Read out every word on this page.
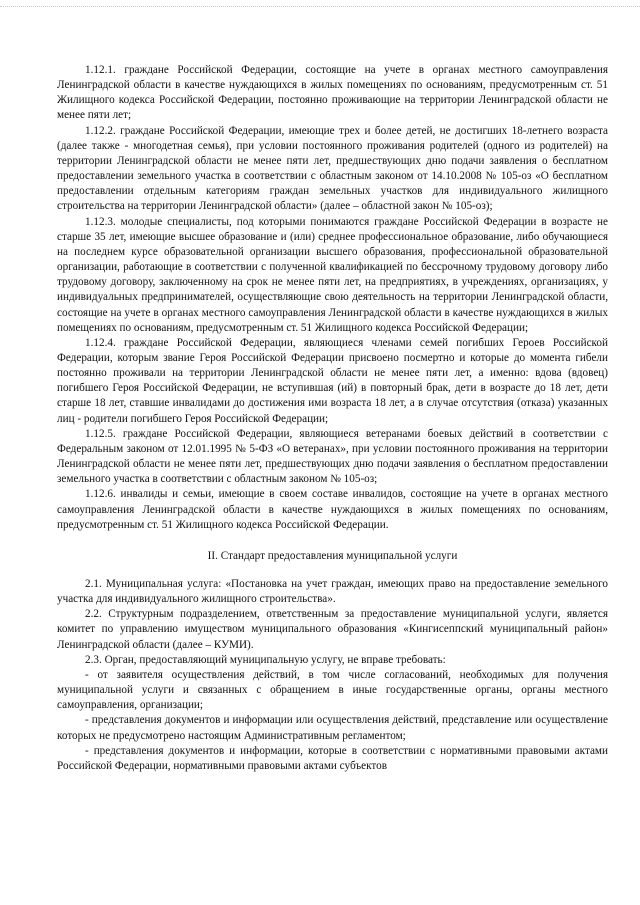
1.12.1. граждане Российской Федерации, состоящие на учете в органах местного самоуправления Ленинградской области в качестве нуждающихся в жилых помещениях по основаниям, предусмотренным ст. 51 Жилищного кодекса Российской Федерации, постоянно проживающие на территории Ленинградской области не менее пяти лет;

1.12.2. граждане Российской Федерации, имеющие трех и более детей, не достигших 18-летнего возраста (далее также - многодетная семья), при условии постоянного проживания родителей (одного из родителей) на территории Ленинградской области не менее пяти лет, предшествующих дню подачи заявления о бесплатном предоставлении земельного участка в соответствии с областным законом от 14.10.2008 № 105-оз «О бесплатном предоставлении отдельным категориям граждан земельных участков для индивидуального жилищного строительства на территории Ленинградской области» (далее – областной закон № 105-оз);

1.12.3. молодые специалисты, под которыми понимаются граждане Российской Федерации в возрасте не старше 35 лет, имеющие высшее образование и (или) среднее профессиональное образование, либо обучающиеся на последнем курсе образовательной организации высшего образования, профессиональной образовательной организации, работающие в соответствии с полученной квалификацией по бессрочному трудовому договору либо трудовому договору, заключенному на срок не менее пяти лет, на предприятиях, в учреждениях, организациях, у индивидуальных предпринимателей, осуществляющие свою деятельность на территории Ленинградской области, состоящие на учете в органах местного самоуправления Ленинградской области в качестве нуждающихся в жилых помещениях по основаниям, предусмотренным ст. 51 Жилищного кодекса Российской Федерации;

1.12.4. граждане Российской Федерации, являющиеся членами семей погибших Героев Российской Федерации, которым звание Героя Российской Федерации присвоено посмертно и которые до момента гибели постоянно проживали на территории Ленинградской области не менее пяти лет, а именно: вдова (вдовец) погибшего Героя Российской Федерации, не вступившая (ий) в повторный брак, дети в возрасте до 18 лет, дети старше 18 лет, ставшие инвалидами до достижения ими возраста 18 лет, а в случае отсутствия (отказа) указанных лиц - родители погибшего Героя Российской Федерации;

1.12.5. граждане Российской Федерации, являющиеся ветеранами боевых действий в соответствии с Федеральным законом от 12.01.1995 № 5-ФЗ «О ветеранах», при условии постоянного проживания на территории Ленинградской области не менее пяти лет, предшествующих дню подачи заявления о бесплатном предоставлении земельного участка в соответствии с областным законом № 105-оз;

1.12.6. инвалиды и семьи, имеющие в своем составе инвалидов, состоящие на учете в органах местного самоуправления Ленинградской области в качестве нуждающихся в жилых помещениях по основаниям, предусмотренным ст. 51 Жилищного кодекса Российской Федерации.

II. Стандарт предоставления муниципальной услуги

2.1. Муниципальная услуга: «Постановка на учет граждан, имеющих право на предоставление земельного участка для индивидуального жилищного строительства».

2.2. Структурным подразделением, ответственным за предоставление муниципальной услуги, является комитет по управлению имуществом муниципального образования «Кингисеппский муниципальный район» Ленинградской области (далее – КУМИ).

2.3. Орган, предоставляющий муниципальную услугу, не вправе требовать:

- от заявителя осуществления действий, в том числе согласований, необходимых для получения муниципальной услуги и связанных с обращением в иные государственные органы, органы местного самоуправления, организации;

- представления документов и информации или осуществления действий, представление или осуществление которых не предусмотрено настоящим Административным регламентом;

- представления документов и информации, которые в соответствии с нормативными правовыми актами Российской Федерации, нормативными правовыми актами субъектов
